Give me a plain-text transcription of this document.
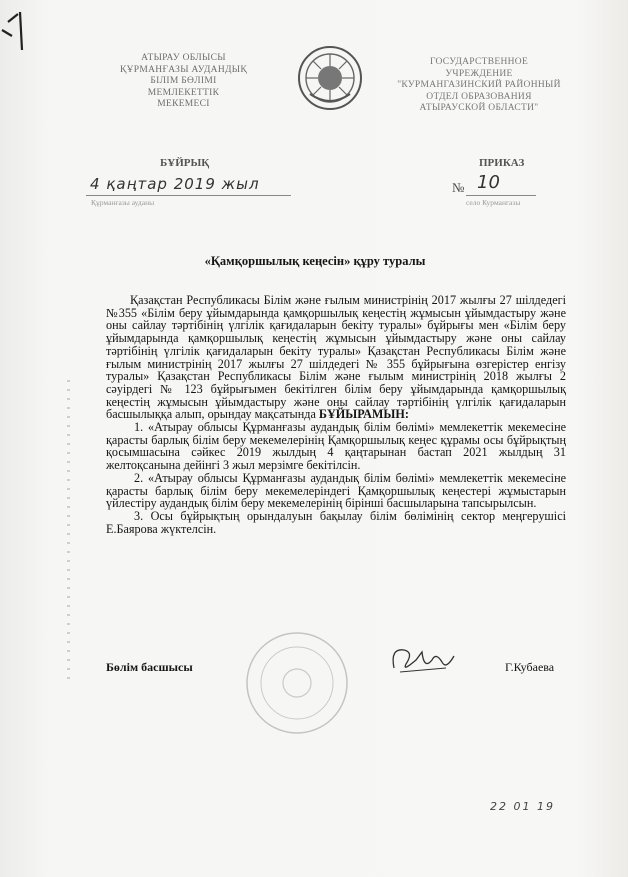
АТЫРАУ ОБЛЫСЫ
ҚҰРМАНҒАЗЫ АУДАНДЫҚ
БІЛІМ БӨЛІМІ
МЕМЛЕКЕТТІК
МЕКЕМЕСІ
ГОСУДАРСТВЕННОЕ
УЧРЕЖДЕНИЕ
"КУРМАНГАЗИНСКИЙ РАЙОННЫЙ
ОТДЕЛ ОБРАЗОВАНИЯ
АТЫРАУСКОЙ ОБЛАСТИ"
БҰЙРЫҚ	ПРИКАЗ
4 қаңтар 2019 жыл	№ 10
Құрманғазы ауданы	село Курмангазы
«Қамқоршылық кеңесін» құру туралы

Қазақстан Республикасы Білім және ғылым министрінің 2017 жылғы 27 шілдедегі №355 «Білім беру ұйымдарында қамқоршылық кеңестің жұмысын ұйымдастыру және оны сайлау тәртібінің үлгілік қағидаларын бекіту туралы» бұйрығы мен «Білім беру ұйымдарында қамқоршылық кеңестің жұмысын ұйымдастыру және оны сайлау тәртібінің үлгілік қағидаларын бекіту туралы» Қазақстан Республикасы Білім және ғылым министрінің 2017 жылғы 27 шілдедегі № 355 бұйрығына өзгерістер енгізу туралы» Қазақстан Республикасы Білім және ғылым министрінің 2018 жылғы 2 сәуірдегі № 123 бұйрығымен бекітілген білім беру ұйымдарында қамқоршылық кеңестің жұмысын ұйымдастыру және оны сайлау тәртібінің үлгілік қағидаларын басшылыққа алып, орындау мақсатында БҰЙЫРАМЫН:

1. «Атырау облысы Құрманғазы аудандық білім бөлімі» мемлекеттік мекемесіне қарасты барлық білім беру мекемелерінің Қамқоршылық кеңес құрамы осы бұйрықтың қосымшасына сәйкес 2019 жылдың 4 қаңтарынан бастап 2021 жылдың 31 желтоқсанына дейінгі 3 жыл мерзімге бекітілсін.

2. «Атырау облысы Құрманғазы аудандық білім бөлімі» мемлекеттік мекемесіне қарасты барлық білім беру мекемелеріндегі Қамқоршылық кеңестері жұмыстарын үйлестіру аудандық білім беру мекемелерінің бірінші басшыларына тапсырылсын.

3. Осы бұйрықтың орындалуын бақылау білім бөлімінің сектор меңгерушісі Е.Баярова жүктелсін.

Бөлім басшысы	Г.Кубаева
22 01 19
